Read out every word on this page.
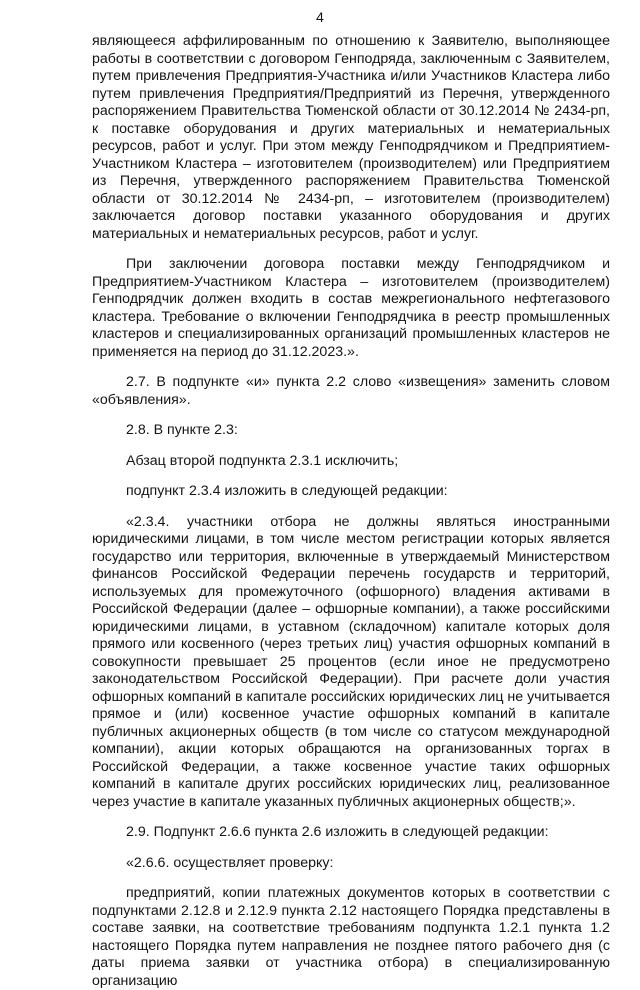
4

являющееся аффилированным по отношению к Заявителю, выполняющее работы в соответствии с договором Генподряда, заключенным с Заявителем, путем привлечения Предприятия-Участника и/или Участников Кластера либо путем привлечения Предприятия/Предприятий из Перечня, утвержденного распоряжением Правительства Тюменской области от 30.12.2014 № 2434-рп, к поставке оборудования и других материальных и нематериальных ресурсов, работ и услуг. При этом между Генподрядчиком и Предприятием-Участником Кластера – изготовителем (производителем) или Предприятием из Перечня, утвержденного распоряжением Правительства Тюменской области от 30.12.2014 № 2434-рп, – изготовителем (производителем) заключается договор поставки указанного оборудования и других материальных и нематериальных ресурсов, работ и услуг.

При заключении договора поставки между Генподрядчиком и Предприятием-Участником Кластера – изготовителем (производителем) Генподрядчик должен входить в состав межрегионального нефтегазового кластера. Требование о включении Генподрядчика в реестр промышленных кластеров и специализированных организаций промышленных кластеров не применяется на период до 31.12.2023.».

2.7. В подпункте «и» пункта 2.2 слово «извещения» заменить словом «объявления».

2.8. В пункте 2.3:

Абзац второй подпункта 2.3.1 исключить;

подпункт 2.3.4 изложить в следующей редакции:

«2.3.4. участники отбора не должны являться иностранными юридическими лицами, в том числе местом регистрации которых является государство или территория, включенные в утверждаемый Министерством финансов Российской Федерации перечень государств и территорий, используемых для промежуточного (офшорного) владения активами в Российской Федерации (далее – офшорные компании), а также российскими юридическими лицами, в уставном (складочном) капитале которых доля прямого или косвенного (через третьих лиц) участия офшорных компаний в совокупности превышает 25 процентов (если иное не предусмотрено законодательством Российской Федерации). При расчете доли участия офшорных компаний в капитале российских юридических лиц не учитывается прямое и (или) косвенное участие офшорных компаний в капитале публичных акционерных обществ (в том числе со статусом международной компании), акции которых обращаются на организованных торгах в Российской Федерации, а также косвенное участие таких офшорных компаний в капитале других российских юридических лиц, реализованное через участие в капитале указанных публичных акционерных обществ;».

2.9. Подпункт 2.6.6 пункта 2.6 изложить в следующей редакции:

«2.6.6. осуществляет проверку:

предприятий, копии платежных документов которых в соответствии с подпунктами 2.12.8 и 2.12.9 пункта 2.12 настоящего Порядка представлены в составе заявки, на соответствие требованиям подпункта 1.2.1 пункта 1.2 настоящего Порядка путем направления не позднее пятого рабочего дня (с даты приема заявки от участника отбора) в специализированную организацию
